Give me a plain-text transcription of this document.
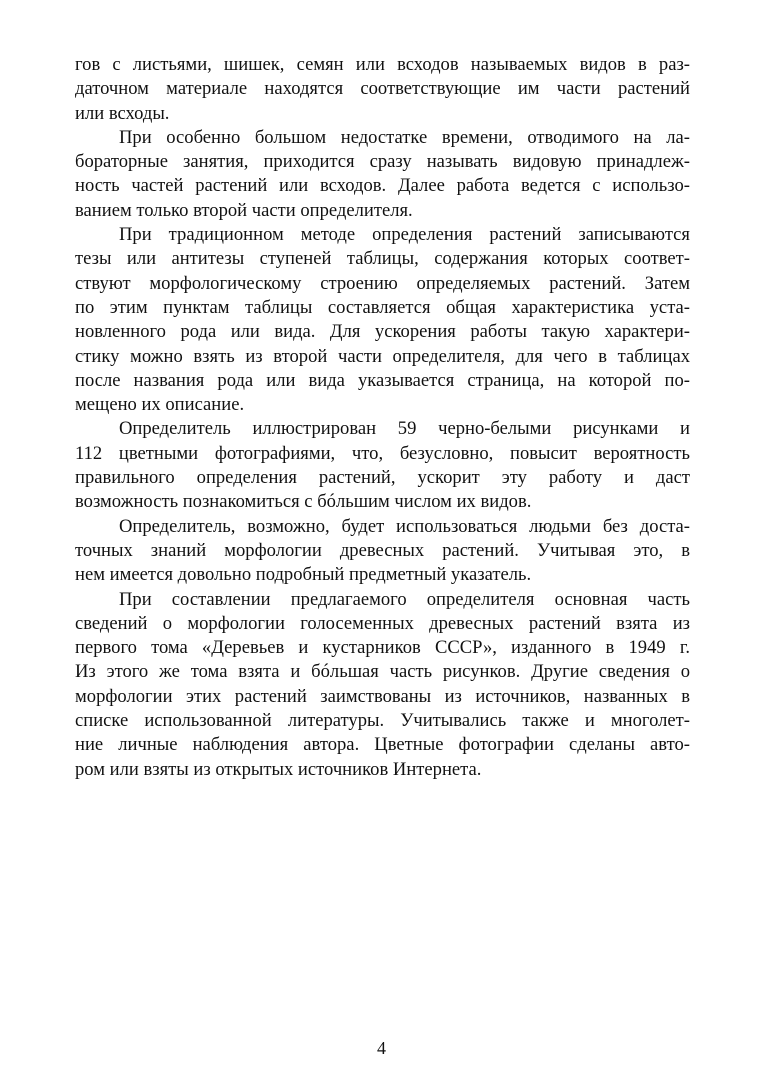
гов с листьями, шишек, семян или всходов называемых видов в раз-
даточном материале находятся соответствующие им части растений
или всходы.
При особенно большом недостатке времени, отводимого на ла-
бораторные занятия, приходится сразу называть видовую принадлеж-
ность частей растений или всходов. Далее работа ведется с использо-
ванием только второй части определителя.
При традиционном методе определения растений записываются
тезы или антитезы ступеней таблицы, содержания которых соответ-
ствуют морфологическому строению определяемых растений. Затем
по этим пунктам таблицы составляется общая характеристика уста-
новленного рода или вида. Для ускорения работы такую характери-
стику можно взять из второй части определителя, для чего в таблицах
после названия рода или вида указывается страница, на которой по-
мещено их описание.
Определитель иллюстрирован 59 черно-белыми рисунками и
112 цветными фотографиями, что, безусловно, повысит вероятность
правильного определения растений, ускорит эту работу и даст
возможность познакомиться с бóльшим числом их видов.
Определитель, возможно, будет использоваться людьми без доста-
точных знаний морфологии древесных растений. Учитывая это, в
нем имеется довольно подробный предметный указатель.
При составлении предлагаемого определителя основная часть
сведений о морфологии голосеменных древесных растений взята из
первого тома «Деревьев и кустарников СССР», изданного в 1949 г.
Из этого же тома взята и бóльшая часть рисунков. Другие сведения о
морфологии этих растений заимствованы из источников, названных в
списке использованной литературы. Учитывались также и многолет-
ние личные наблюдения автора. Цветные фотографии сделаны авто-
ром или взяты из открытых источников Интернета.
4
